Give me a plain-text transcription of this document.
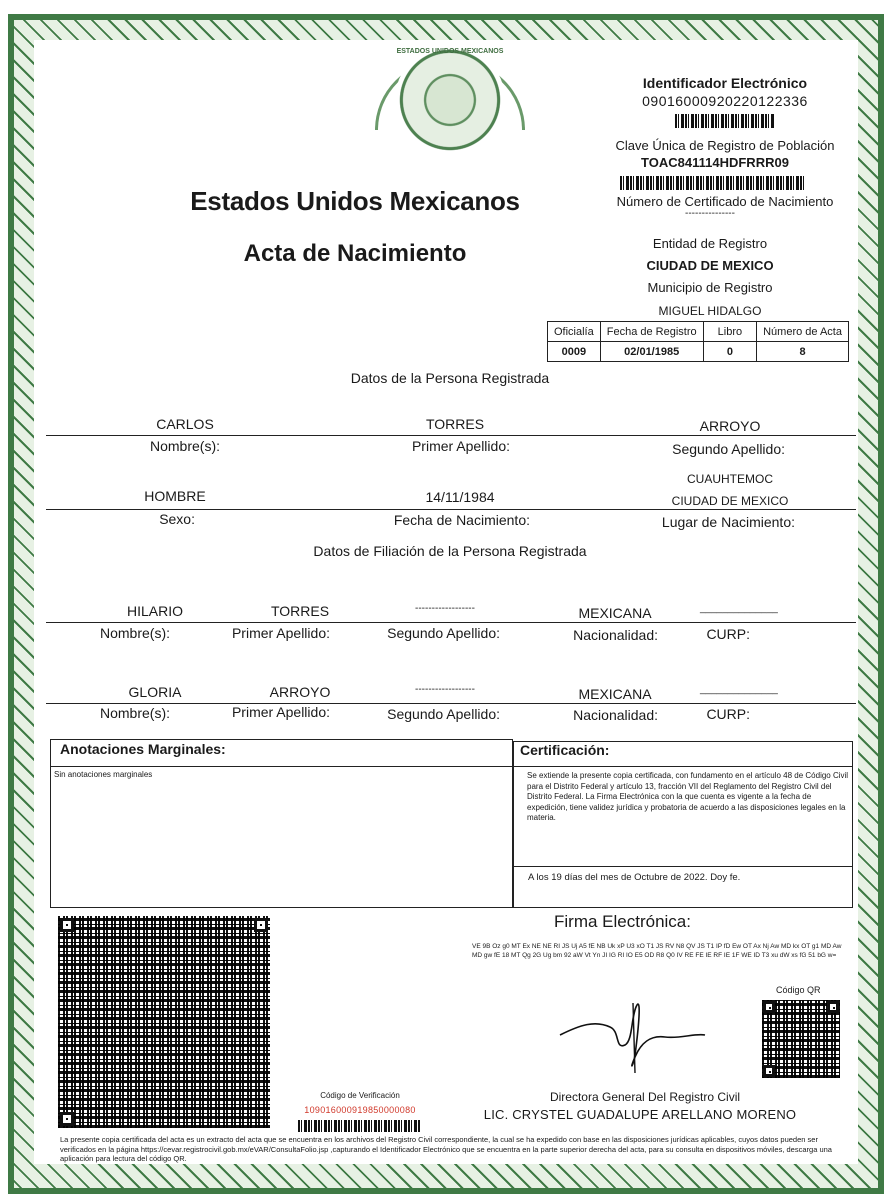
ESTADOS UNIDOS MEXICANOS
Identificador Electrónico
09016000920220122336
Clave Única de Registro de Población
TOAC841114HDFRRR09
Número de Certificado de Nacimiento
---------------
Entidad de Registro
CIUDAD DE MEXICO
Municipio de Registro
MIGUEL HIDALGO
Estados Unidos Mexicanos
Acta de Nacimiento
Oficialía	Fecha de Registro	Libro	Número de Acta
0009	02/01/1985	0	8
Datos de la Persona Registrada
CARLOS	TORRES	ARROYO
Nombre(s):	Primer Apellido:	Segundo Apellido:
CUAUHTEMOC
HOMBRE	14/11/1984	CIUDAD DE MEXICO
Sexo:	Fecha de Nacimiento:	Lugar de Nacimiento:
Datos de Filiación de la Persona Registrada
HILARIO	TORRES	------------------	MEXICANA	______________
Nombre(s):	Primer Apellido:	Segundo Apellido:	Nacionalidad:	CURP:
GLORIA	ARROYO	------------------	MEXICANA	______________
Nombre(s):	Primer Apellido:	Segundo Apellido:	Nacionalidad:	CURP:
Anotaciones Marginales:
Sin anotaciones marginales
Certificación:
Se extiende la presente copia certificada, con fundamento en el artículo 48 de Código Civil para el Distrito Federal y artículo 13, fracción VII del Reglamento del Registro Civil del Distrito Federal. La Firma Electrónica con la que cuenta es vigente a la fecha de expedición, tiene validez jurídica y probatoria de acuerdo a las disposiciones legales en la materia.
A los 19 días del mes de Octubre de 2022. Doy fe.
Código de Verificación
109016000919850000080
Firma Electrónica:
VE 9B Oz g0 MT Ex NE NE RI JS Uj A5 fE NB Uk xP U3 xO T1 JS RV N8 QV JS T1 IP fD Ew OT Ax Nj Aw MD kx OT g1 MD Aw MD gw fE 18 MT Qg 2G Ug bm 92 aW Vt Yn JI IG RI IO E5 OD R8 Q0 IV RE FE IE RF IE 1F WE ID T3 xu dW xs fG 51 bG w=
Código QR
Directora General Del Registro Civil
LIC. CRYSTEL GUADALUPE ARELLANO MORENO
La presente copia certificada del acta es un extracto del acta que se encuentra en los archivos del Registro Civil correspondiente, la cual se ha expedido con base en las disposiciones jurídicas aplicables, cuyos datos pueden ser verificados en la página https://cevar.registrocivil.gob.mx/eVAR/ConsultaFolio.jsp ,capturando el Identificador Electrónico que se encuentra en la parte superior derecha del acta, para su consulta en dispositivos móviles, descarga una aplicación para lectura del código QR.
